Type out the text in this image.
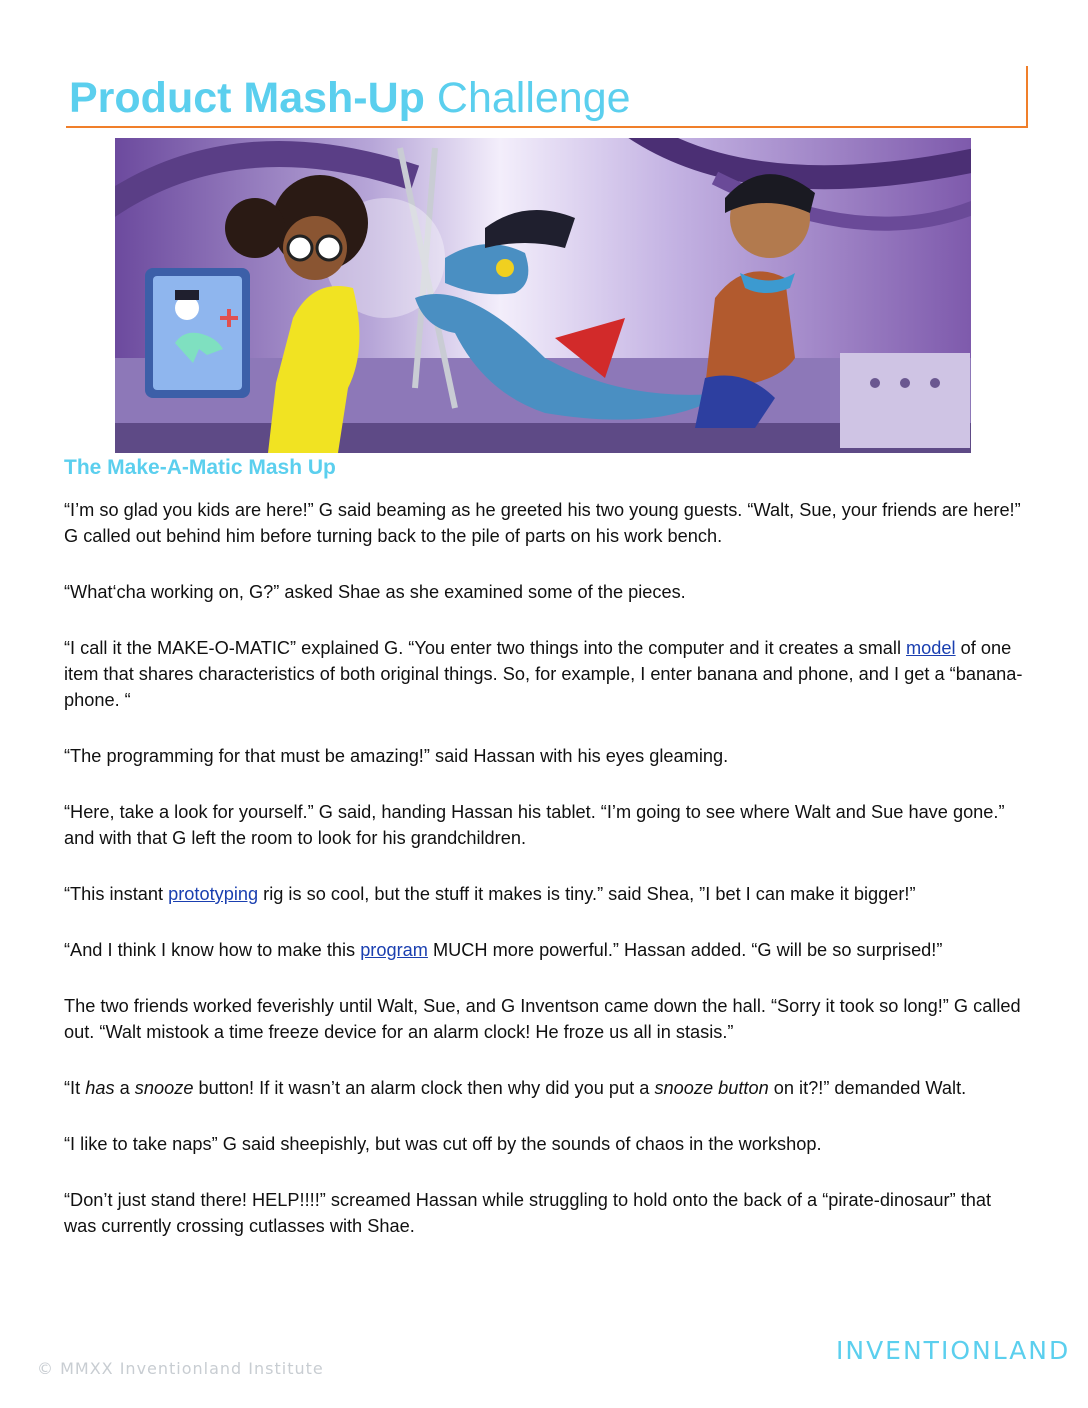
Product Mash-Up Challenge
The Make-A-Matic Mash Up

“I’m so glad you kids are here!” G said beaming as he greeted his two young guests. “Walt, Sue, your friends are here!” G called out behind him before turning back to the pile of parts on his work bench.

“What‘cha working on, G?” asked Shae as she examined some of the pieces.

“I call it the MAKE-O-MATIC” explained G. “You enter two things into the computer and it creates a small model of one item that shares characteristics of both original things. So, for example, I enter banana and phone, and I get a “banana-phone. “

“The programming for that must be amazing!” said Hassan with his eyes gleaming.

“Here, take a look for yourself.” G said, handing Hassan his tablet. “I’m going to see where Walt and Sue have gone.” and with that G left the room to look for his grandchildren.

“This instant prototyping rig is so cool, but the stuff it makes is tiny.” said Shea, ”I bet I can make it bigger!”

“And I think I know how to make this program MUCH more powerful.” Hassan added. “G will be so surprised!”

The two friends worked feverishly until Walt, Sue, and G Inventson came down the hall. “Sorry it took so long!” G called out. “Walt mistook a time freeze device for an alarm clock! He froze us all in stasis.”

“It has a snooze button! If it wasn’t an alarm clock then why did you put a snooze button on it?!” demanded Walt.

“I like to take naps” G said sheepishly, but was cut off by the sounds of chaos in the workshop.

“Don’t just stand there! HELP!!!!” screamed Hassan while struggling to hold onto the back of a “pirate-dinosaur” that was currently crossing cutlasses with Shae.

© MMXX Inventionland Institute
INVENTIONLAND
